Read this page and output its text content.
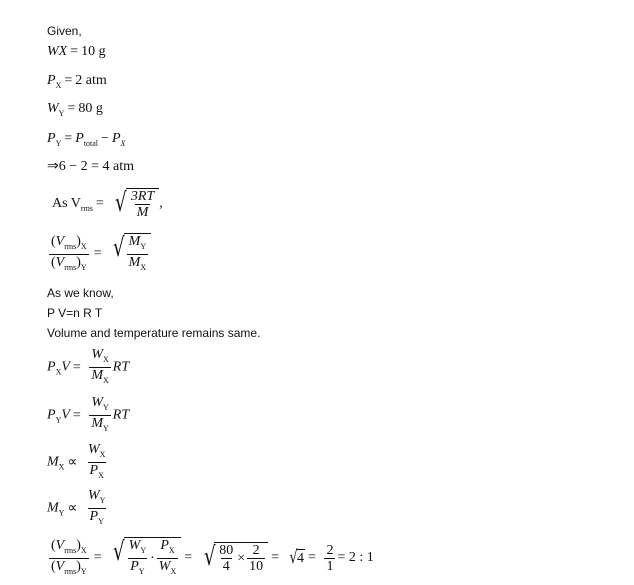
Given,
WX = 10 g
$P_X = 2$ atm
$W_Y = 80$ g
$P_Y = P_{total} - P_X$
⇒6 − 2 = 4 atm
As $V_{rms}$ = √ $\frac{3RT}{M}$ ,
$\frac{(V_{rms})_X}{(V_{rms})_Y}$ = √ $\frac{M_Y}{M_X}$
As we know,
P V=n R T
Volume and temperature remains same.
$P_XV = \frac{W_X}{M_X}$ RT
$P_YV = \frac{W_Y}{M_Y}$ RT
$M_X \propto \frac{W_X}{P_X}$
$M_Y \propto \frac{W_Y}{P_Y}$
$\frac{(V_{rms})_X}{(V_{rms})_Y}$ = √ $\frac{W_Y}{P_Y} \cdot \frac{P_X}{W_X}$ = √ $\frac{80}{4} \times \frac{2}{10}$ = √ $4 = \frac{2}{1} = 2$ : 1
